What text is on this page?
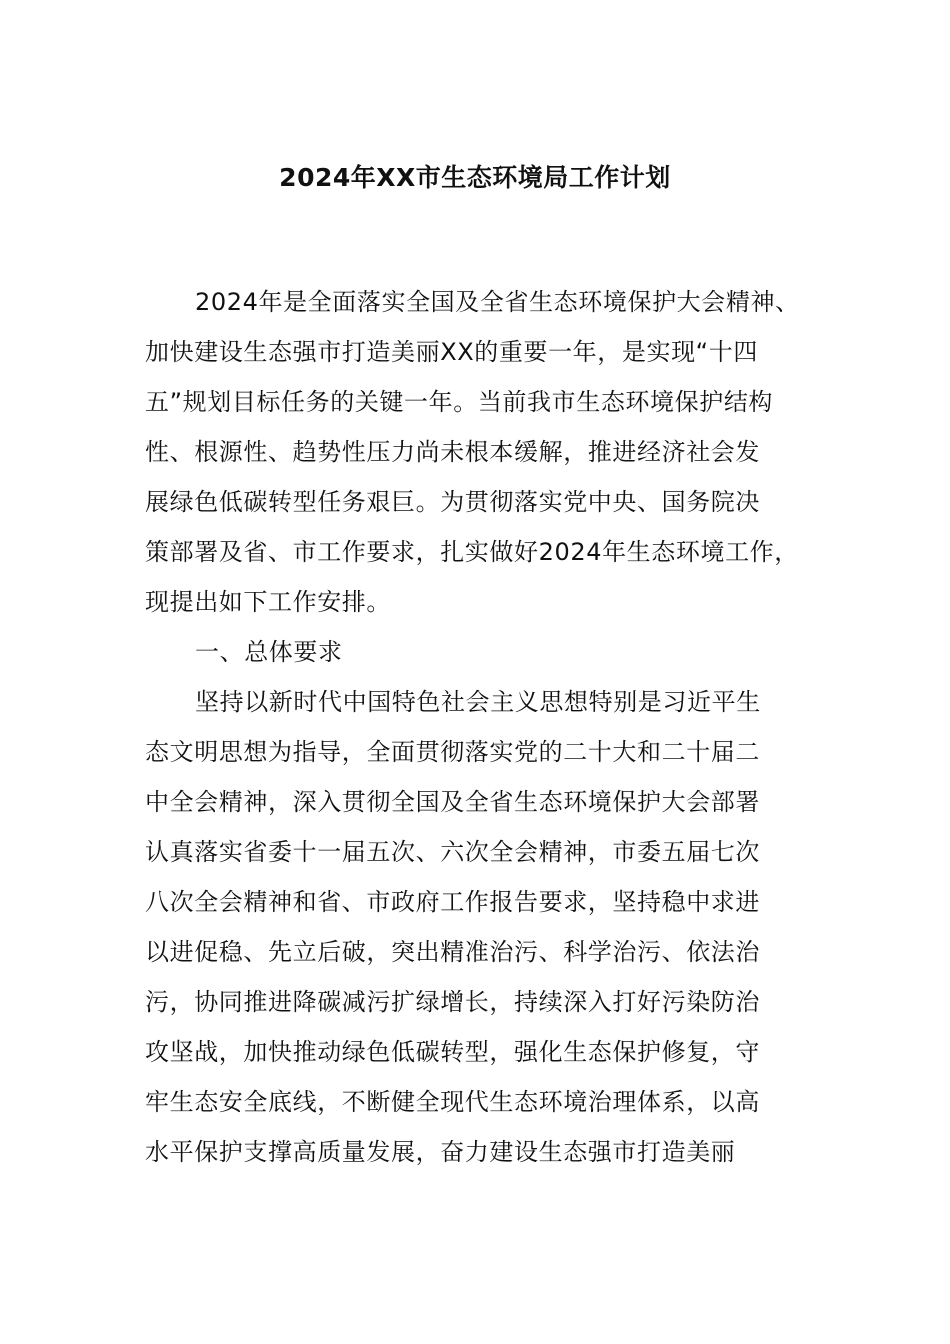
2024年XX市生态环境局工作计划
2024年是全面落实全国及全省生态环境保护大会精神、
加快建设生态强市打造美丽XX的重要一年，是实现“十四
五”规划目标任务的关键一年。当前我市生态环境保护结构
性、根源性、趋势性压力尚未根本缓解，推进经济社会发
展绿色低碳转型任务艰巨。为贯彻落实党中央、国务院决
策部署及省、市工作要求，扎实做好2024年生态环境工作，
现提出如下工作安排。
一、总体要求
坚持以新时代中国特色社会主义思想特别是习近平生
态文明思想为指导，全面贯彻落实党的二十大和二十届二
中全会精神，深入贯彻全国及全省生态环境保护大会部署
认真落实省委十一届五次、六次全会精神，市委五届七次
八次全会精神和省、市政府工作报告要求，坚持稳中求进
以进促稳、先立后破，突出精准治污、科学治污、依法治
污，协同推进降碳减污扩绿增长，持续深入打好污染防治
攻坚战，加快推动绿色低碳转型，强化生态保护修复，守
牢生态安全底线，不断健全现代生态环境治理体系，以高
水平保护支撑高质量发展，奋力建设生态强市打造美丽
